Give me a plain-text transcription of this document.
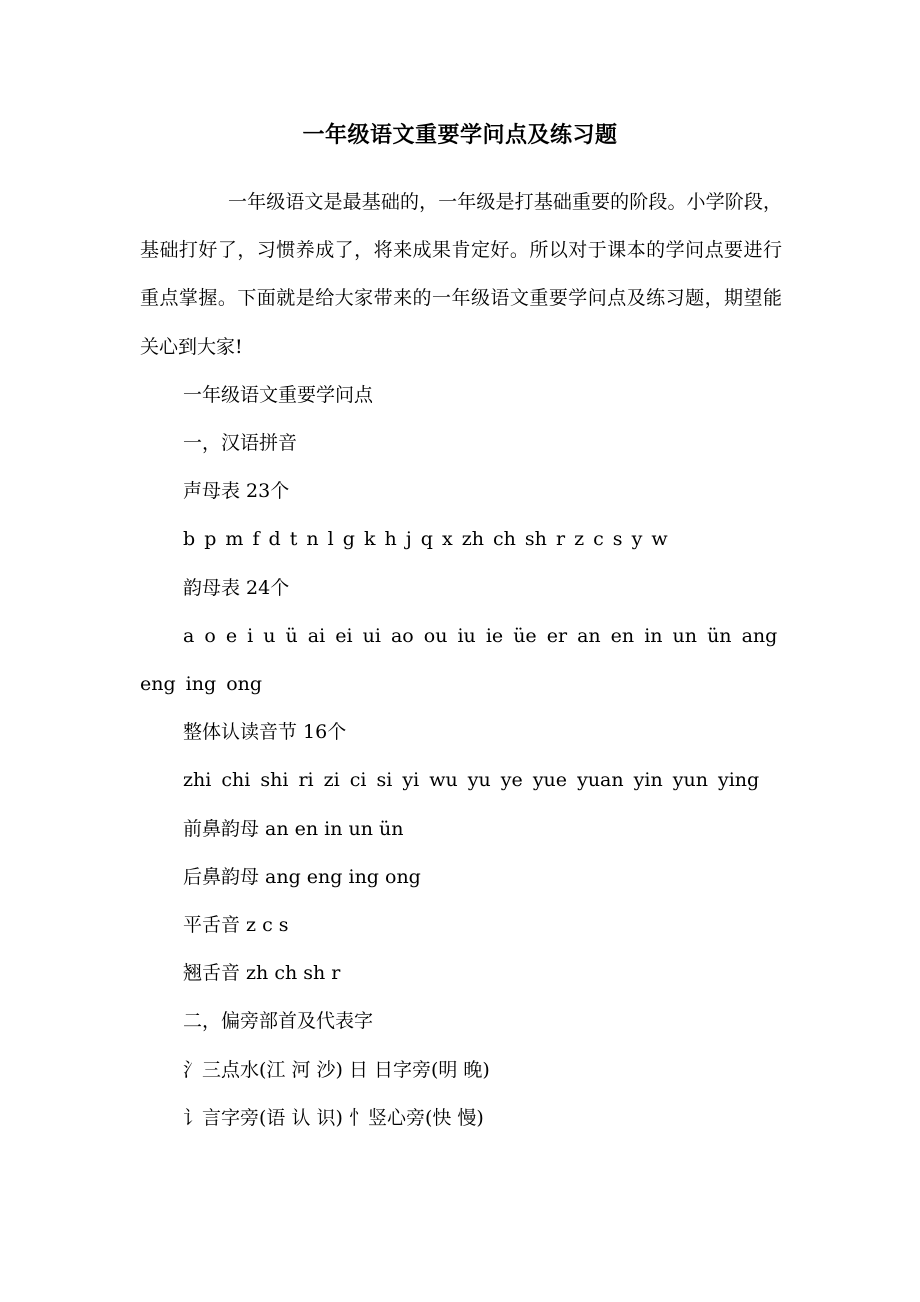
一年级语文重要学问点及练习题

一年级语文是最基础的，一年级是打基础重要的阶段。小学阶段，基础打好了，习惯养成了，将来成果肯定好。所以对于课本的学问点要进行重点掌握。下面就是给大家带来的一年级语文重要学问点及练习题，期望能关心到大家!

一年级语文重要学问点

一，汉语拼音

声母表 23个

b p m f d t n l g k h j q x zh ch sh r z c s y w

韵母表 24个

a o e i u ü ai ei ui ao ou iu ie üe er an en in un ün ang eng ing ong

整体认读音节 16个

zhi chi shi ri zi ci si yi wu yu ye yue yuan yin yun ying

前鼻韵母 an en in un ün

后鼻韵母 ang eng ing ong

平舌音 z c s

翘舌音 zh ch sh r

二，偏旁部首及代表字

氵三点水(江 河 沙) 日 日字旁(明 晚)

讠言字旁(语 认 识) 忄竖心旁(快 慢)
